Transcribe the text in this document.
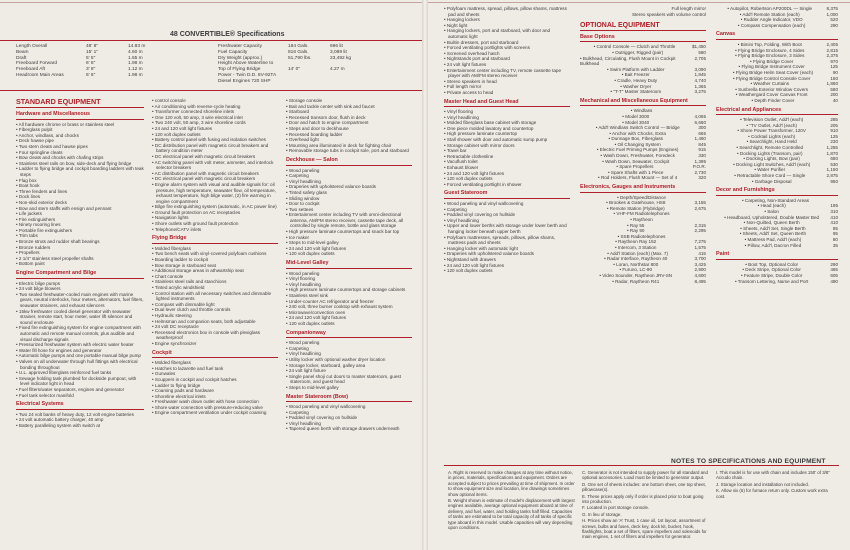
48 CONVERTIBLE® Specifications
Length Overall	48' 8"	14.83 m
Beam	15' 1"	4.60 m
Draft	5' 5"	1.65 m
Freeboard Forward	6' 6"	1.98 m
Freeboard Aft	3' 8"	1.12 m
Headroom Main Areas	6' 6"	1.98 m
Freshwater Capacity	184 Gals.	696 lit
Fuel Capacity	816 Gals.	3,089 lit
Dry Weight (approx.)	51,790 lbs.	23,492 kg
Height Above Waterline to
Top of Flying Bridge	14' 0"	4.27 m
Power - Twin D.D. 8V-92TA Diesel Engines 720 SHP
STANDARD EQUIPMENT
Hardware and Miscellaneous
• All hardware chrome or brass or stainless steel
• Fiberglass pulpit
• Anchor, windlass, and chocks
• Deck hawse pipe
• Two stern cleats and hawse pipes
• Four springline cleats
• Bow cleats and chocks with chafing strips
• Stainless steel rails on bow, side-deck and flying bridge
• Ladder to flying bridge and cockpit boarding ladders with teak steps
• Flag box
• Boat hook
• Three fenders and lines
• Dock lines
• Non-skid exterior decks
• Bow and stern staffs with ensign and pennant
• Life jackets
• Fire extinguishers
• Ninety mooring lines
• Portable fire extinguishers
• Trim tabs
• Bronze struts and rudder shaft bearings
• Bronze rudders
• Propellers
• 2 1/4" stainless steel propeller shafts
• Bottom paint
Engine Compartment and Bilge
• Electric bilge pumps
• 24 volt bilge blowers
• Two sealed freshwater-cooled main engines with marine gears, neutral interlocks, hour meters, alternators, fuel filters, seawater strainers, and exhaust silencers
• 15kw freshwater cooled diesel generator with seawater strainer, remote start, hour meter, water lift silencer and sound enclosure
• Fixed fire extinguishing system for engine compartment with automatic and remote manual controls, plus audible and visual discharge signals
• Pressurized freshwater system with electric water heater
• Water fill hose for engines and generator
• Automatic bilge pumps and one portable manual bilge pump
• Valves on all underwater through hull fittings with electrical bonding throughout
• U.L. approved fiberglass reinforced fuel tanks
• Sewage holding tank plumbed for dockside pumpout, with level indicator light in head
• Fuel filters/water separators, engines and generator
• Fuel tank selector manifold
Electrical Systems
• Two 24 volt banks of heavy duty, 12 volt engine batteries
• 24 volt automatic battery charger, 40 amp
• Battery paralleling system with switch at
• control console
• Air conditioning with reverse-cycle heating
• Transformer connected shoreline inlets
• One 120 volt, 50 amp, 3 wire electrical inlet
• Two 240 volt, 50 amp, 3 wire shoreline cords
• 24 and 120 volt light fixtures
• 120 volt duplex outlets
• Battery control panel with fusing and isolation switches
• DC distribution panel with magnetic circuit breakers and battery condition meter
• DC electrical panel with magnetic circuit breakers
• AC switching panel with volt meter, ammeter, and interlock selector breakers
• AC distribution panel with magnetic circuit breakers
• DC electrical panel with magnetic circuit breakers
• Engine alarm system with visual and audible signals for: oil pressure, high temperature, seawater flow, oil temperature, exhaust temperature, high bilge water, (2) fire warning in engine compartment
• Bilge fire extinguishing system (automatic, in AC power line)
• Ground fault protection on AC receptacles
• Navigation lights
• Shore outlets with ground fault protection
• Telephone/CATV inlets
Flying Bridge
• Molded fiberglass
• Two bench seats with vinyl-covered polyfoam cushions
• Boarding ladder to cockpit
• Bow storage in starboard seat
• Additional storage areas in athwartship seat
• Chart console
• Stainless steel rails and stanchions
• Tinted acrylic windshield
• Control station with all necessary switches and dimmable lighted instruments
• Compass with dimmable light
• Dual lever clutch and throttle controls
• Hydraulic steering
• Helmsman and companion seats, both adjustable
• 24 volt DC receptacle
• Recessed electronics box in console with plexiglass weatherproof
• Engine synchronizer
Cockpit
• Molded fiberglass
• Hatches to lazarette and fuel tank
• Gunwales
• Scuppers in cockpit and cockpit hatches
• Ladder to flying bridge
• Coaming pads and hardware
• Shoreline electrical inlets
• Freshwater wash down outlet with hose connection
• Shore water connection with pressure-reducing valve
• Engine compartment ventilation under cockpit coaming
• Storage console
• Bait and tackle center with sink and faucet
• Starboard
• Recessed transom door, flush in deck
• Door and hatch to engine compartment
• Steps and door to deckhouse
• Recessed boarding ladder
• Overhead light
• Mounting area illuminated in deck for fighting chair
• Removable storage tubs in cockpit sole, port and starboard
Deckhouse — Salon
• Wood paneling
• Carpeting
• Vinyl headlining
• Draperies with upholstered valance boards
• Tinted safety glass
• Sliding window
• Door to cockpit
• Two settees
• Entertainment center including TV with omni-directional antenna, AM/FM stereo receiver, cassette tape deck, all controlled by single remote, bottle and glass storage
• High pressure laminate countertops and snack bar top
• Ice maker
• Steps to mid-level galley
• 24 and 120 volt light fixtures
• 120 volt duplex outlets
Mid-Level Galley
• Wood paneling
• Vinyl flooring
• Vinyl headlining
• High pressure laminate countertops and storage cabinets
• Stainless steel sink
• Under-counter AC refrigerator and freezer
• 240 volt, three burner cooktop with exhaust system
• Microwave/convection oven
• 24 and 120 volt light fixtures
• 120 volt duplex outlets
Companionway
• Wood paneling
• Carpeting
• Vinyl headlining
• Utility locker with optional washer dryer location
• Storage locker, starboard, galley area
• 24 volt light fixture
• Single panel shoji cut doors to master stateroom, guest stateroom, and guest head
• Steps to mid-level galley
Master Stateroom (Bow)
• Wood paneling and vinyl wallcovering
• Carpeting
• Padded vinyl covering on hullside
• Vinyl headlining
• Tapered queen berth with storage drawers underneath
• Polyfoam mattress, spread, pillows, pillow shams, mattress pad and sheets
• Hanging lockers
• Night light
• Hanging lockers, port and starboard, with door and automatic light
• Builtin dressers, port and starboard
• Forced ventilating portlights with screens
• Screened overhead hatch
• Nightstands port and starboard
• 24 volt light fixtures
• Entertainment center including TV, remote cassette tape player with AM/FM stereo receiver
• Stereo speakers in head
• Full length mirror
• Private access to head
Master Head and Guest Head
• Vinyl flooring
• Vinyl headlining
• Molded fiberglass base cabinet with storage
• One piece molded lavatory and countertop
• High pressure laminate countertop
• Stall shower with door and automatic sump pump
• Storage cabinet with mirror doors
• Towel bar
• Retractable clothesline
• Vacuflush toilet
• Exhaust blower
• 24 and 120 volt light fixtures
• 120 volt duplex outlets
• Forced ventilating portlight in shower
Guest Stateroom
• Wood paneling and vinyl wallcovering
• Carpeting
• Padded vinyl covering on hullside
• Vinyl headlining
• Upper and lower berths with storage under lower berth and hanging locker beneath upper berth
• Polyfoam mattresses, spreads, pillows, pillow shams, mattress pads and sheets
• Hanging locker with automatic light
• Draperies with upholstered valance boards
• Nightstand with drawers
• 24 and 120 volt light fixtures
• 120 volt duplex outlets
Full length mirror
Stereo speakers with volume control
OPTIONAL EQUIPMENT
Base Options
• Control Console — Clutch and Throttle	$1,450
• Outrigger, Rigged (pair)	580
• Bulkhead, Circulating, Flush Mount in Cockpit Bulkhead
2,705
• Swim Platform with Ladder	3,090
• Bait Freezer	1,845
• Cradle, Heavy Duty	4,740
• Washer Dryer	1,365
• "T-T" Master Stateroom	3,275
Mechanical and Miscellaneous Equipment
• Windlass
• Model 3000	4,065
• Model 3040	6,660
• Add'l Windlass Switch Control — Bridge	300
• Anchor with Chocks, Extra	665
• Dunnage Box, Fiberglass	1,460
• Oil Changing System	845
• Electric Fuel Priming Pumps (Engines)	915
• Wash Down, Freshwater, Foredeck	330
• Wash Down, Seawater, Cockpit	1,395
• Spare Propellers	P.O.R.
• Spare Shafts with 1 Piece	2,730
• Rod Holders, Flush Mount — Set of 4	320
Electronics, Gauges and Instruments
• Depth/Speed/Distance
• Brookes & Gatehouse, HS8	3,155
• Remote Station (Flybridge)	2,675
• VHF-FM Radiotelephones
• Raytheon
• Ray 55	2,315
• Ray 90	2,295
• SSB Radiotelephones
• Raytheon Ray 152	7,275
• Intercom, 3 Station	1,575
• Add'l Station (each) (Max. 7)	415
• Radar Interface, Raytheon 40	3,700
• Loran, Northstar 800	3,425
• Furuno, LC-90	2,900
• Video Sounder, Raytheon JRV-SN	4,600
• Radar, Raytheon R41	8,495
• Autopilot, Robertson AP200DL — Single	8,375
• Add'l Remote Station (each)	1,000
• Rudder Angle Indicator, VDO	520
• Compass Compensation (each)	290
Canvas
• Bimini Top, Folding, With Boot	2,405
• Flying Bridge Enclosure, 4 Sides	2,815
• Flying Bridge Enclosure, 3 Sides	2,375
• Flying Bridge Cover	970
• Flying Bridge Instrument Cover	125
• Flying Bridge Helm Seat Cover (each)	90
• Flying Bridge Control Console Cover	150
• Weather Curtains	1,860
• Sunbrella Exterior Window Covers	580
• Weathergard Cover Canvas Front	200
• Depth Finder Cover	40
Electrical and Appliances
• Television Outlet, Add'l (each)	285
• "TV Outlet, Add'l (each)	205
• Shore Power Transformer, 120V	910
• Cocktail Lights (each)	125
• Searchlight, Hand Held	230
• Searchlight, Remote Controlled	1,255
• Docking Lights (Transom, pair)	1,870
• Docking Lights, Bow (pair)	680
• Docking Light Switches, Add'l (each)	530
• Water Purifier	1,150
• Retractable Shore Cord — Single	2,875
• Garbage Disposal	950
Decor and Furnishings
• Carpeting, Non-Standard Areas
• Head (each)	195
• Salon	310
• Headboard, Upholstered, Double Master Bed	410
• Non-Quilted, Queen Berth	410
• Sheets, Add'l Set, Single Berth	85
• Sheets, Add'l Set, Queen Berth	95
• Mattress Pad, Add'l (each)	80
• Pillow, Add'l, Dacron Filled	35
Paint
• Boot Top, Optional Color	290
• Deck Stripe, Optional Color	465
• Feature Stripe, Double Color	605
• Transom Lettering, Name and Port	490
NOTES TO SPECIFICATIONS AND EQUIPMENT

A. Right is reserved to make changes at any time without notice, in prices, materials, specifications and equipment. Orders are accepted subject to prices prevailing at time of shipment. In order to show equipment size and location, line drawings sometimes show optional items.

B. Weight shown is estimate of model's displacement with largest engines available, average optional equipment aboard at time of delivery, and fuel, water, and holding tanks half filled. Capacities of tanks are estimated to be total capacity of all tanks of specific type aboard in this model. Usable capacities will vary depending upon conditions.

C. Generator is not intended to supply power for all standard and optional accessories. Load must be limited to generator output.

D. One set of sheets includes: one bottom sheet, one top sheet, pillowcase(s).

E. These prices apply only if order is placed prior to boat going into production.

F. Located in port storage console.

G. In lieu of storage.

H. Prices show an 'A' Trust, 1 case oil, 1st layout, assortment of screws, bulbs and fuses, deck key, dock kit, bucket, hook, flashlights, boat a set of filters, spare impellers and solenoids for main engines, 1 set of filters and impellers for generator.

I. This model is for use with chain and includes 150' of 3/8" Accudo chain.

J. Storage location and installation not included.

K. Allow six (6) for furnace return only. Custom work extra cost.
